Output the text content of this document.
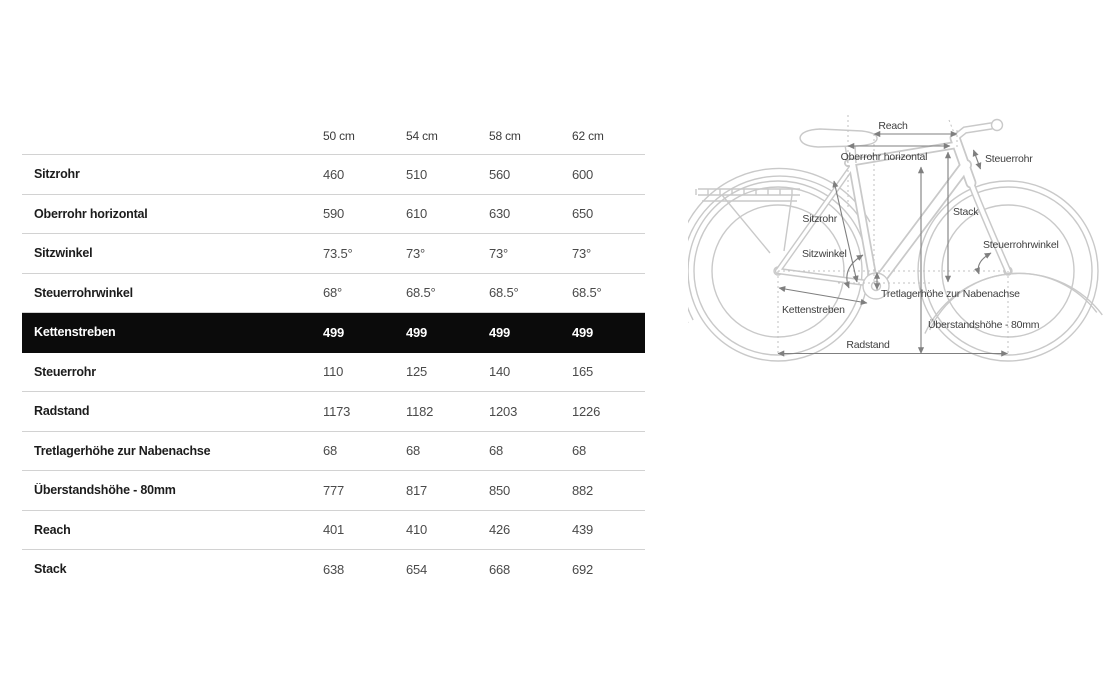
50 cm	54 cm	58 cm	62 cm
Sitzrohr	460	510	560	600
Oberrohr horizontal	590	610	630	650
Sitzwinkel	73.5°	73°	73°	73°
Steuerrohrwinkel	68°	68.5°	68.5°	68.5°
Kettenstreben	499	499	499	499
Steuerrohr	110	125	140	165
Radstand	1173	1182	1203	1226
Tretlagerhöhe zur Nabenachse	68	68	68	68
Überstandshöhe - 80mm	777	817	850	882
Reach	401	410	426	439
Stack	638	654	668	692
Reach
Oberrohr horizontal	Steuerrohr
Sitzrohr
Stack
Sitzwinkel
Steuerrohrwinkel
Tretlagerhöhe zur Nabenachse
Kettenstreben
Überstandshöhe - 80mm
Radstand
